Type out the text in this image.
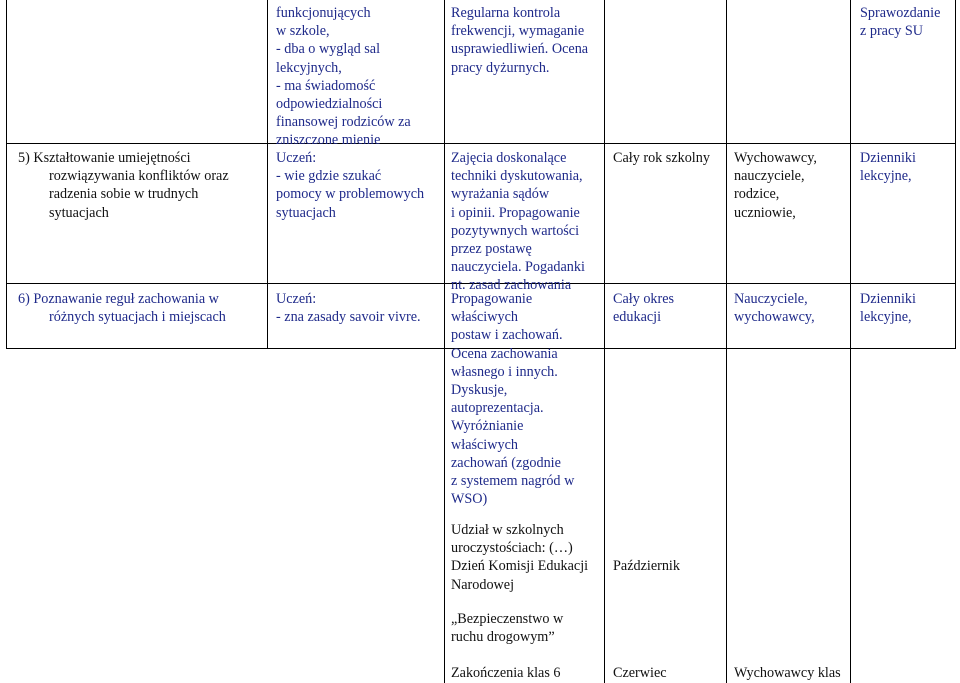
funkcjonujących
w szkole,
- dba o wygląd sal
lekcyjnych,
- ma świadomość
odpowiedzialności
finansowej rodziców za
zniszczone mienie
Regularna kontrola
frekwencji, wymaganie
usprawiedliwień. Ocena
pracy dyżurnych.
Sprawozdanie
z pracy SU
5) Kształtowanie umiejętności
rozwiązywania konfliktów oraz
radzenia sobie w trudnych
sytuacjach
Uczeń:
- wie gdzie szukać
pomocy w problemowych
sytuacjach
Zajęcia doskonalące
techniki dyskutowania,
wyrażania sądów
i opinii. Propagowanie
pozytywnych wartości
przez postawę
nauczyciela. Pogadanki
nt. zasad zachowania
Cały rok szkolny Wychowawcy,
nauczyciele,
rodzice,
uczniowie,
Dzienniki
lekcyjne,
6) Poznawanie reguł zachowania w
różnych sytuacjach i miejscach
Uczeń:
- zna zasady savoir vivre.
Propagowanie
właściwych
postaw i zachowań.
Ocena zachowania
własnego i innych.
Dyskusje,
autoprezentacja.
Wyróżnianie
właściwych
zachowań (zgodnie
z systemem nagród w
WSO)
Cały okres
edukacji
Nauczyciele,
wychowawcy,
Dzienniki
lekcyjne,
Udział w szkolnych
uroczystościach: (…)
Dzień Komisji Edukacji
Narodowej
Październik
„Bezpieczenstwo w
ruchu drogowym”
Zakończenia klas 6	Czerwiec	Wychowawcy klas
